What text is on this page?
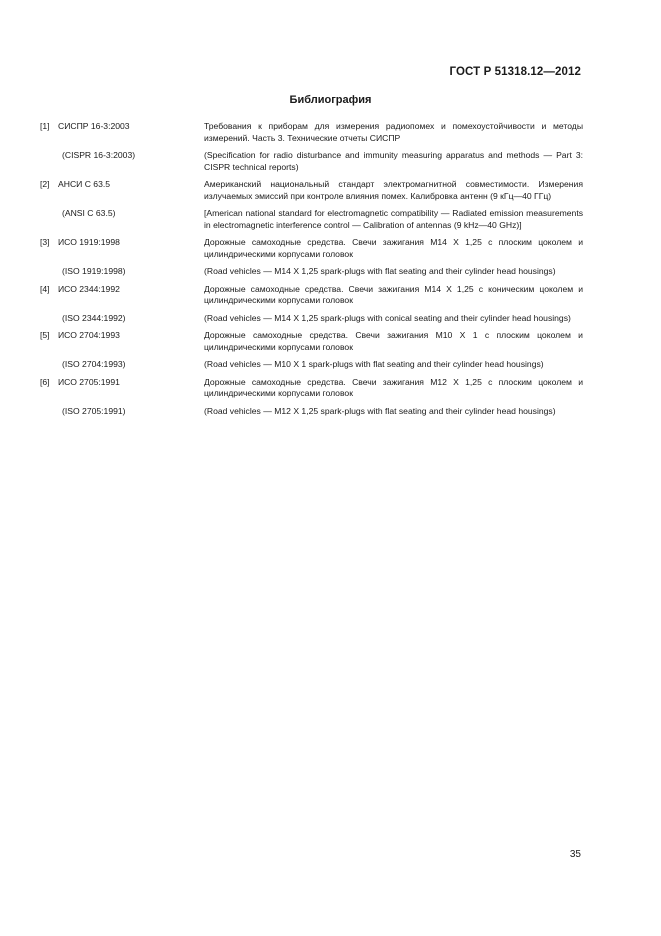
ГОСТ Р 51318.12—2012
Библиография
[1] СИСПР 16-3:2003	Требования к приборам для измерения радиопомех и помехоустойчивости и методы измерений. Часть 3. Технические отчеты СИСПР
(CISPR 16-3:2003)	(Specification for radio disturbance and immunity measuring apparatus and methods — Part 3: CISPR technical reports)
[2] АНСИ С 63.5	Американский национальный стандарт электромагнитной совместимости. Измерения излучаемых эмиссий при контроле влияния помех. Калибровка антенн (9 кГц—40 ГГц)
(ANSI C 63.5)	[American national standard for electromagnetic compatibility — Radiated emission measurements in electromagnetic interference control — Calibration of antennas (9 kHz—40 GHz)]
[3] ИСО 1919:1998	Дорожные самоходные средства. Свечи зажигания М14 X 1,25 с плоским цоколем и цилиндрическими корпусами головок
(ISO 1919:1998)	(Road vehicles — M14 X 1,25 spark-plugs with flat seating and their cylinder head housings)
[4] ИСО 2344:1992	Дорожные самоходные средства. Свечи зажигания М14 X 1,25 с коническим цоколем и цилиндрическими корпусами головок
(ISO 2344:1992)	(Road vehicles — M14 X 1,25 spark-plugs with conical seating and their cylinder head housings)
[5] ИСО 2704:1993	Дорожные самоходные средства. Свечи зажигания М10 X 1 с плоским цоколем и цилиндрическими корпусами головок
(ISO 2704:1993)	(Road vehicles — M10 X 1 spark-plugs with flat seating and their cylinder head housings)
[6] ИСО 2705:1991	Дорожные самоходные средства. Свечи зажигания М12 X 1,25 с плоским цоколем и цилиндрическими корпусами головок
(ISO 2705:1991)	(Road vehicles — M12 X 1,25 spark-plugs with flat seating and their cylinder head housings)
35
